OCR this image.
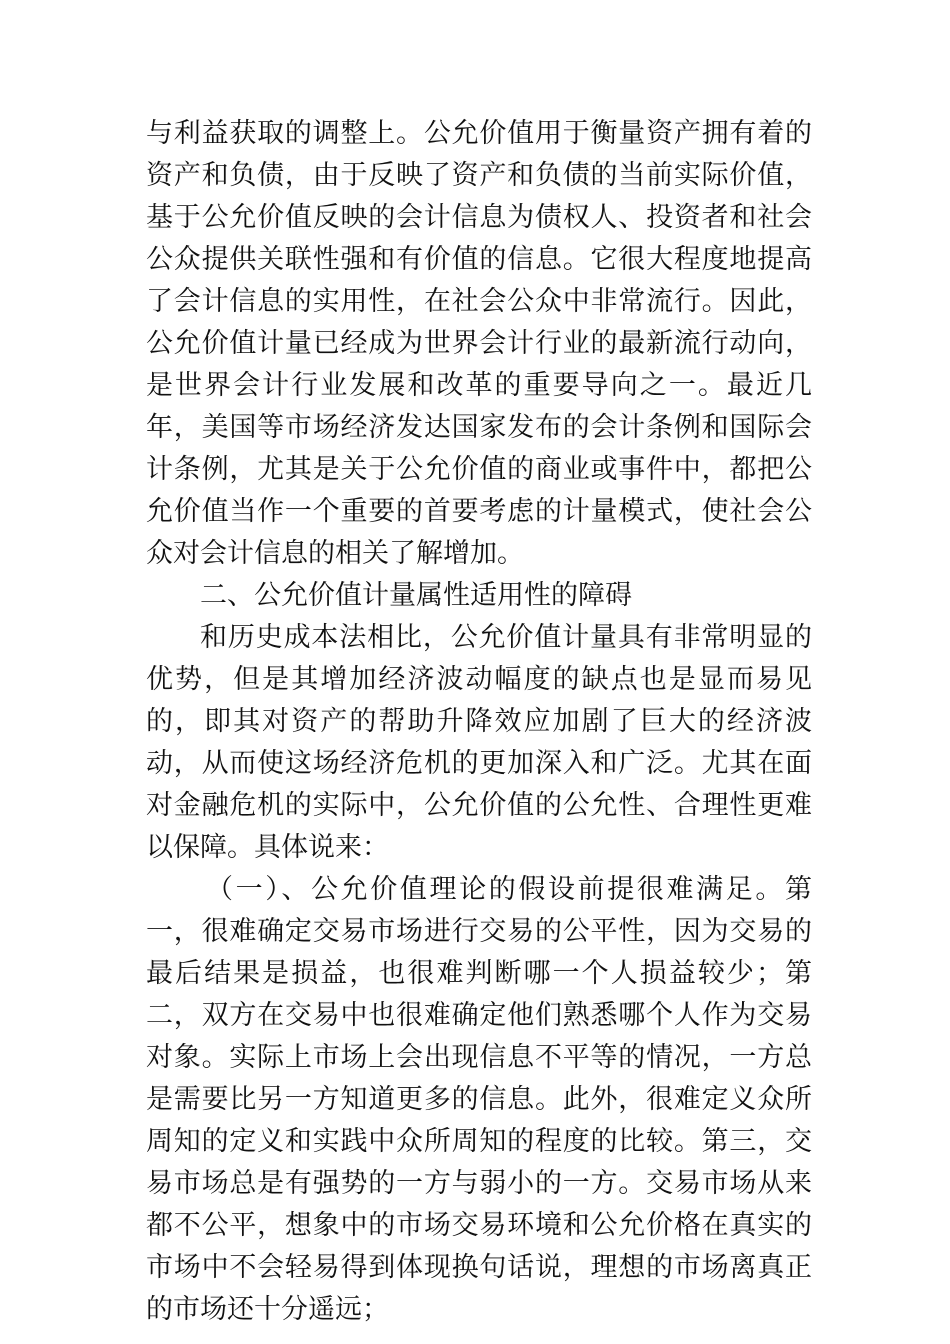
与利益获取的调整上。公允价值用于衡量资产拥有着的资产和负债，由于反映了资产和负债的当前实际价值，基于公允价值反映的会计信息为债权人、投资者和社会公众提供关联性强和有价值的信息。它很大程度地提高了会计信息的实用性，在社会公众中非常流行。因此，公允价值计量已经成为世界会计行业的最新流行动向，是世界会计行业发展和改革的重要导向之一。最近几年，美国等市场经济发达国家发布的会计条例和国际会计条例，尤其是关于公允价值的商业或事件中，都把公允价值当作一个重要的首要考虑的计量模式，使社会公众对会计信息的相关了解增加。

二、公允价值计量属性适用性的障碍

和历史成本法相比，公允价值计量具有非常明显的优势，但是其增加经济波动幅度的缺点也是显而易见的，即其对资产的帮助升降效应加剧了巨大的经济波动，从而使这场经济危机的更加深入和广泛。尤其在面对金融危机的实际中，公允价值的公允性、合理性更难以保障。具体说来：

（一）、公允价值理论的假设前提很难满足。第一，很难确定交易市场进行交易的公平性，因为交易的最后结果是损益，也很难判断哪一个人损益较少；第二，双方在交易中也很难确定他们熟悉哪个人作为交易对象。实际上市场上会出现信息不平等的情况，一方总是需要比另一方知道更多的信息。此外，很难定义众所周知的定义和实践中众所周知的程度的比较。第三，交易市场总是有强势的一方与弱小的一方。交易市场从来都不公平，想象中的市场交易环境和公允价格在真实的市场中不会轻易得到体现换句话说，理想的市场离真正的市场还十分遥远；
